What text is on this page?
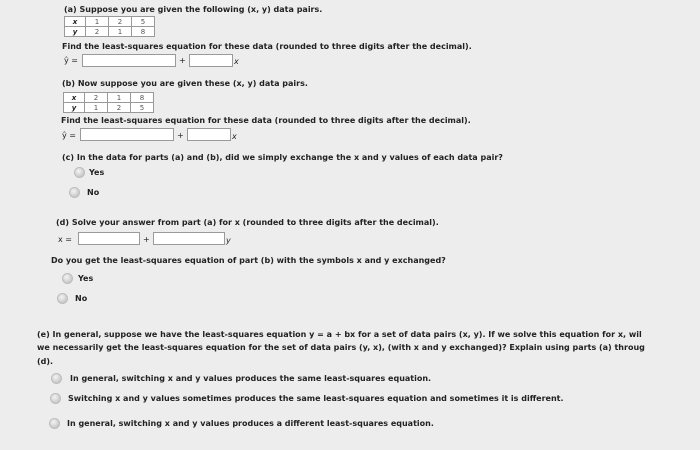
(a) Suppose you are given the following (x, y) data pairs.
x	1	2	5
y	2	1	8
Find the least-squares equation for these data (rounded to three digits after the decimal).
ŷ =	+	x
(b) Now suppose you are given these (x, y) data pairs.
x	2	1	8
y	1	2	5
Find the least-squares equation for these data (rounded to three digits after the decimal).
ŷ =	+	x
(c) In the data for parts (a) and (b), did we simply exchange the x and y values of each data pair?
Yes
No
(d) Solve your answer from part (a) for x (rounded to three digits after the decimal).
x =	+	y
Do you get the least-squares equation of part (b) with the symbols x and y exchanged?
Yes
No
(e) In general, suppose we have the least-squares equation y = a + bx for a set of data pairs (x, y). If we solve this equation for x, wil
we necessarily get the least-squares equation for the set of data pairs (y, x), (with x and y exchanged)? Explain using parts (a) throug
(d).
In general, switching x and y values produces the same least-squares equation.
Switching x and y values sometimes produces the same least-squares equation and sometimes it is different.
In general, switching x and y values produces a different least-squares equation.
